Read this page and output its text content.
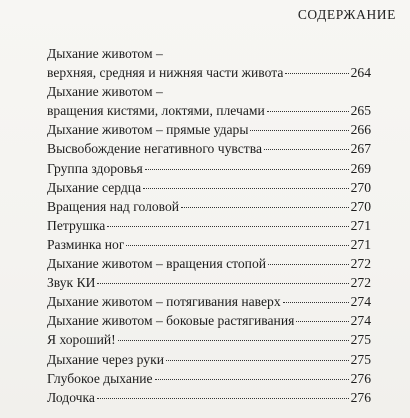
СОДЕРЖАНИЕ
Дыхание животом –
верхняя, средняя и нижняя части живота	264
Дыхание животом –
вращения кистями, локтями, плечами	265
Дыхание животом – прямые удары	266
Высвобождение негативного чувства	267
Группа здоровья	269
Дыхание сердца	270
Вращения над головой	270
Петрушка	271
Разминка ног	271
Дыхание животом – вращения стопой	272
Звук КИ	272
Дыхание животом – потягивания наверх	274
Дыхание животом – боковые растягивания	274
Я хороший!	275
Дыхание через руки	275
Глубокое дыхание	276
Лодочка	276
